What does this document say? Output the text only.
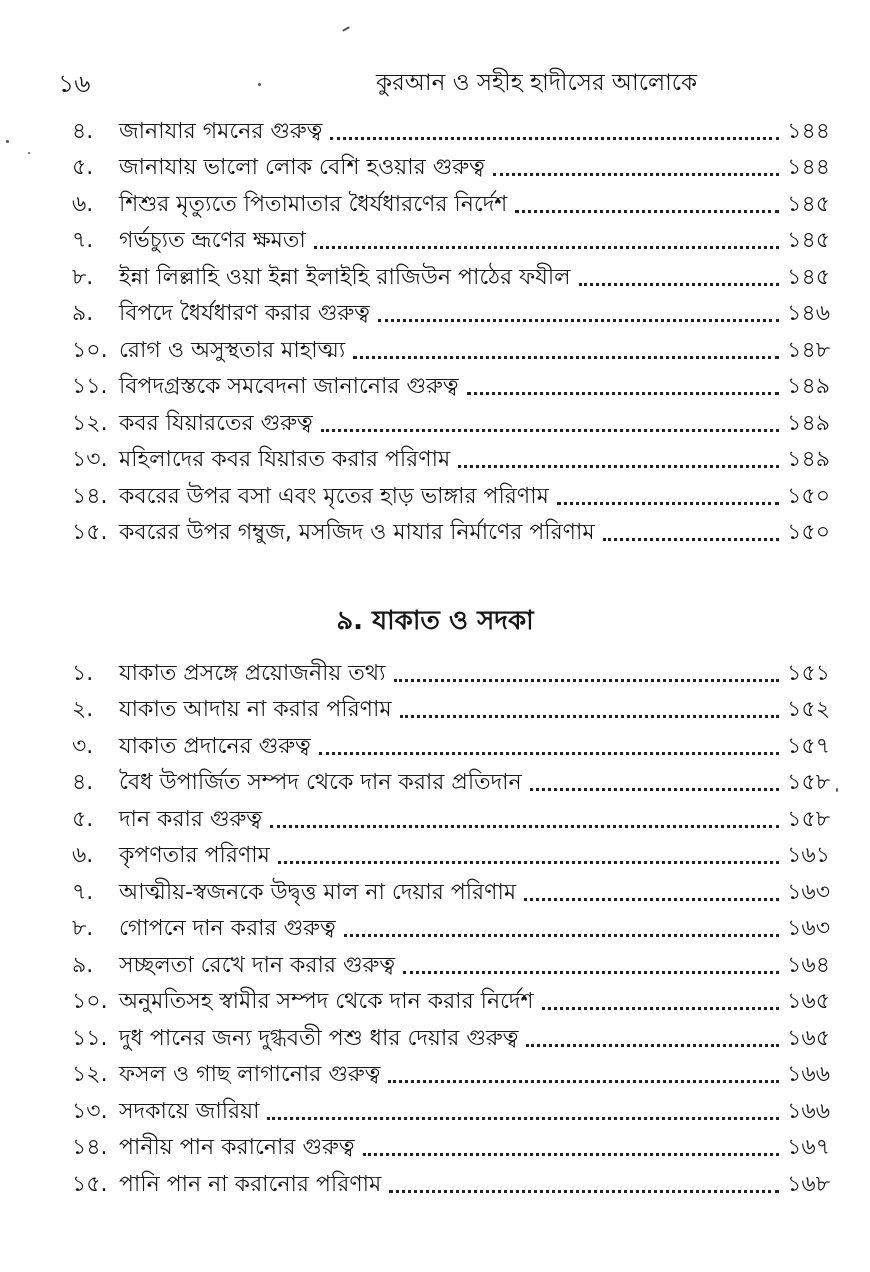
১৬	কুরআন ও সহীহ হাদীসের আলোকে
৪.	জানাযার গমনের গুরুত্ব	১৪৪
৫.	জানাযায় ভালো লোক বেশি হওয়ার গুরুত্ব	১৪৪
৬.	শিশুর মৃত্যুতে পিতামাতার ধৈর্যধারণের নির্দেশ	১৪৫
৭.	গর্ভচ্যুত ভ্রূণের ক্ষমতা	১৪৫
৮.	ইন্না লিল্লাহি ওয়া ইন্না ইলাইহি রাজিউন পাঠের ফযীল	১৪৫
৯.	বিপদে ধৈর্যধারণ করার গুরুত্ব	১৪৬
১০. রোগ ও অসুস্থতার মাহাত্ম্য	১৪৮
১১. বিপদগ্রস্তকে সমবেদনা জানানোর গুরুত্ব	১৪৯
১২. কবর যিয়ারতের গুরুত্ব	১৪৯
১৩. মহিলাদের কবর যিয়ারত করার পরিণাম	১৪৯
১৪. কবরের উপর বসা এবং মৃতের হাড় ভাঙ্গার পরিণাম	১৫০
১৫. কবরের উপর গম্বুজ, মসজিদ ও মাযার নির্মাণের পরিণাম	১৫০
৯. যাকাত ও সদকা
১.	যাকাত প্রসঙ্গে প্রয়োজনীয় তথ্য	১৫১
২.	যাকাত আদায় না করার পরিণাম	১৫২
৩.	যাকাত প্রদানের গুরুত্ব	১৫৭
৪.	বৈধ উপার্জিত সম্পদ থেকে দান করার প্রতিদান	১৫৮
৫.	দান করার গুরুত্ব	১৫৮
৬.	কৃপণতার পরিণাম	১৬১
৭.	আত্মীয়-স্বজনকে উদ্বৃত্ত মাল না দেয়ার পরিণাম	১৬৩
৮.	গোপনে দান করার গুরুত্ব	১৬৩
৯.	সচ্ছলতা রেখে দান করার গুরুত্ব	১৬৪
১০. অনুমতিসহ স্বামীর সম্পদ থেকে দান করার নির্দেশ	১৬৫
১১. দুধ পানের জন্য দুগ্ধবতী পশু ধার দেয়ার গুরুত্ব	১৬৫
১২. ফসল ও গাছ লাগানোর গুরুত্ব	১৬৬
১৩. সদকায়ে জারিয়া	১৬৬
১৪. পানীয় পান করানোর গুরুত্ব	১৬৭
১৫. পানি পান না করানোর পরিণাম	১৬৮
